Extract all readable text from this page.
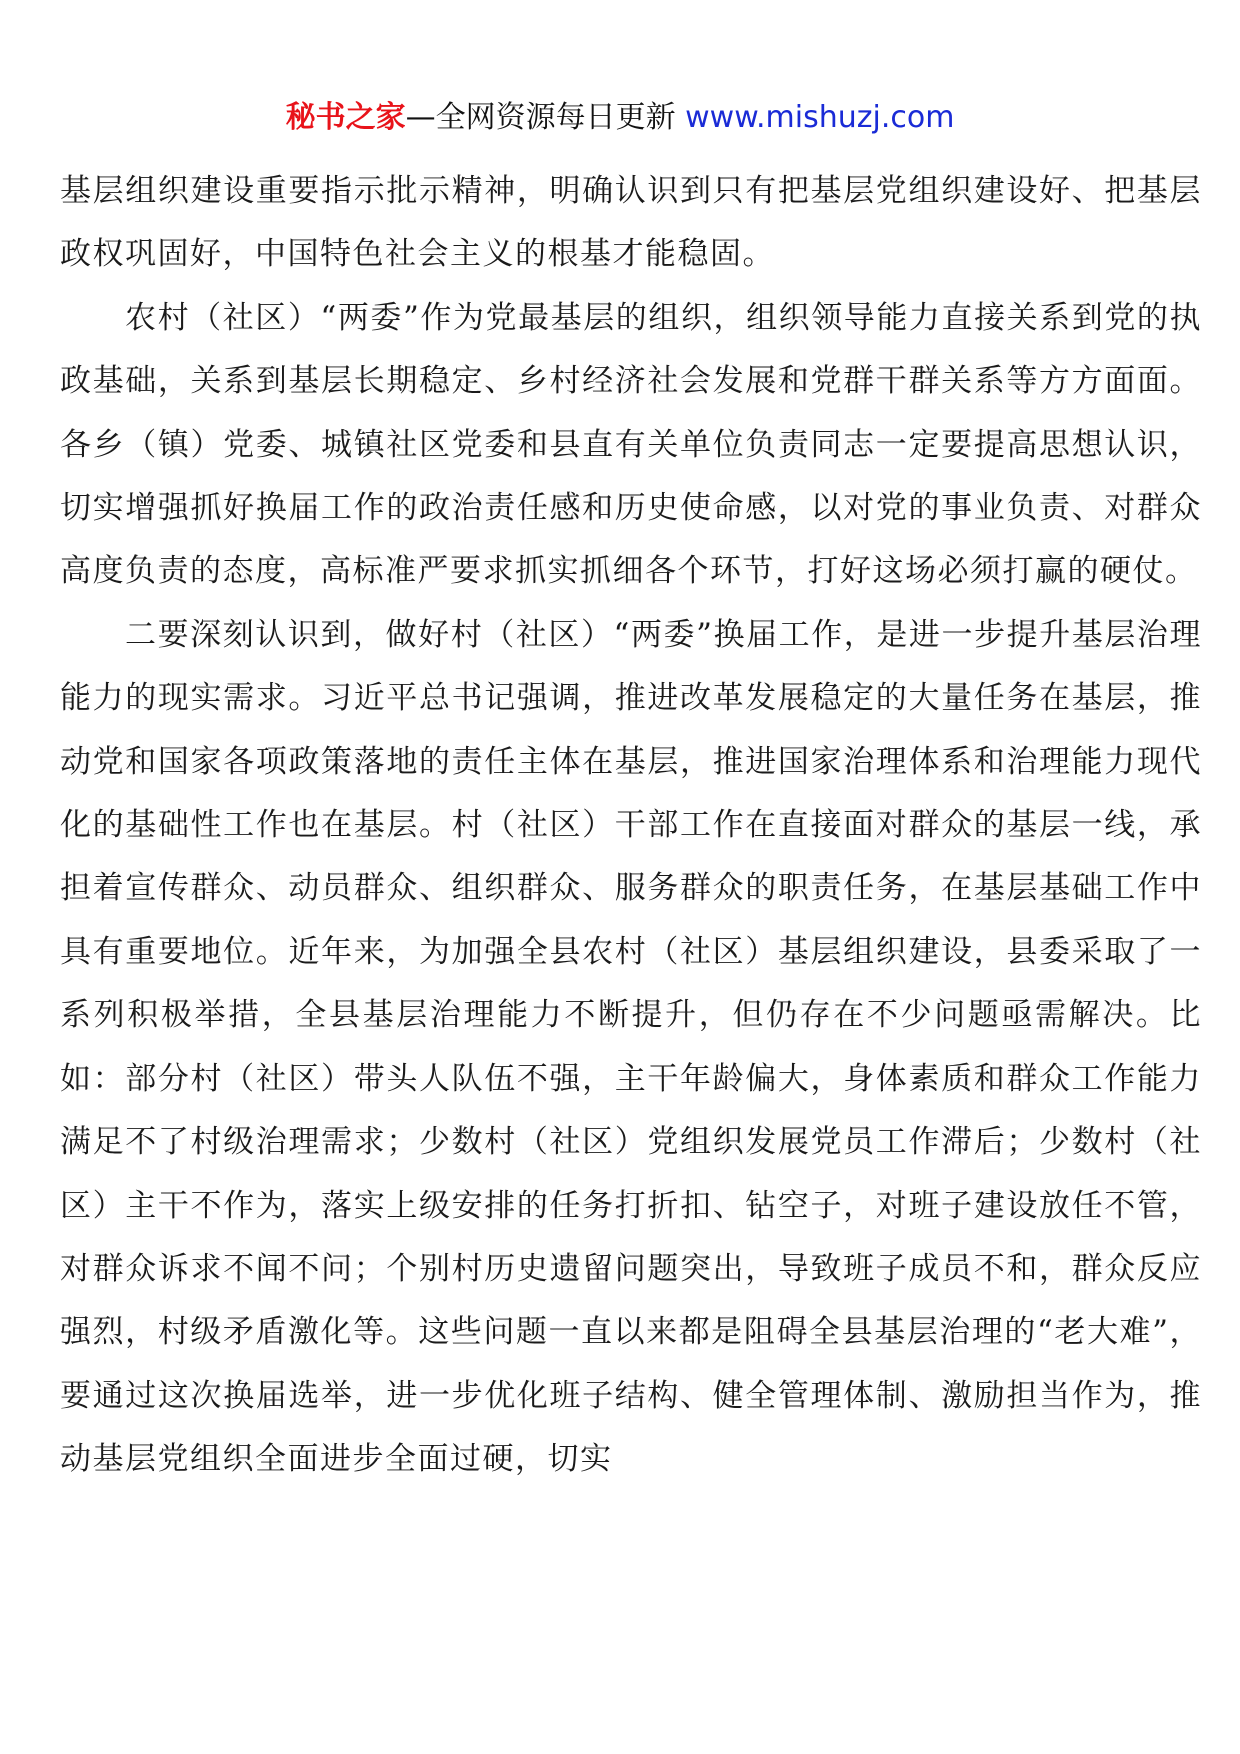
秘书之家—全网资源每日更新 www.mishuzj.com

基层组织建设重要指示批示精神，明确认识到只有把基层党组织建设好、把基层政权巩固好，中国特色社会主义的根基才能稳固。

农村（社区）“两委”作为党最基层的组织，组织领导能力直接关系到党的执政基础，关系到基层长期稳定、乡村经济社会发展和党群干群关系等方方面面。各乡（镇）党委、城镇社区党委和县直有关单位负责同志一定要提高思想认识，切实增强抓好换届工作的政治责任感和历史使命感，以对党的事业负责、对群众高度负责的态度，高标准严要求抓实抓细各个环节，打好这场必须打赢的硬仗。

二要深刻认识到，做好村（社区）“两委”换届工作，是进一步提升基层治理能力的现实需求。习近平总书记强调，推进改革发展稳定的大量任务在基层，推动党和国家各项政策落地的责任主体在基层，推进国家治理体系和治理能力现代化的基础性工作也在基层。村（社区）干部工作在直接面对群众的基层一线，承担着宣传群众、动员群众、组织群众、服务群众的职责任务，在基层基础工作中具有重要地位。近年来，为加强全县农村（社区）基层组织建设，县委采取了一系列积极举措，全县基层治理能力不断提升，但仍存在不少问题亟需解决。比如：部分村（社区）带头人队伍不强，主干年龄偏大，身体素质和群众工作能力满足不了村级治理需求；少数村（社区）党组织发展党员工作滞后；少数村（社区）主干不作为，落实上级安排的任务打折扣、钻空子，对班子建设放任不管，对群众诉求不闻不问；个别村历史遗留问题突出，导致班子成员不和，群众反应强烈，村级矛盾激化等。这些问题一直以来都是阻碍全县基层治理的“老大难”，要通过这次换届选举，进一步优化班子结构、健全管理体制、激励担当作为，推动基层党组织全面进步全面过硬，切实
